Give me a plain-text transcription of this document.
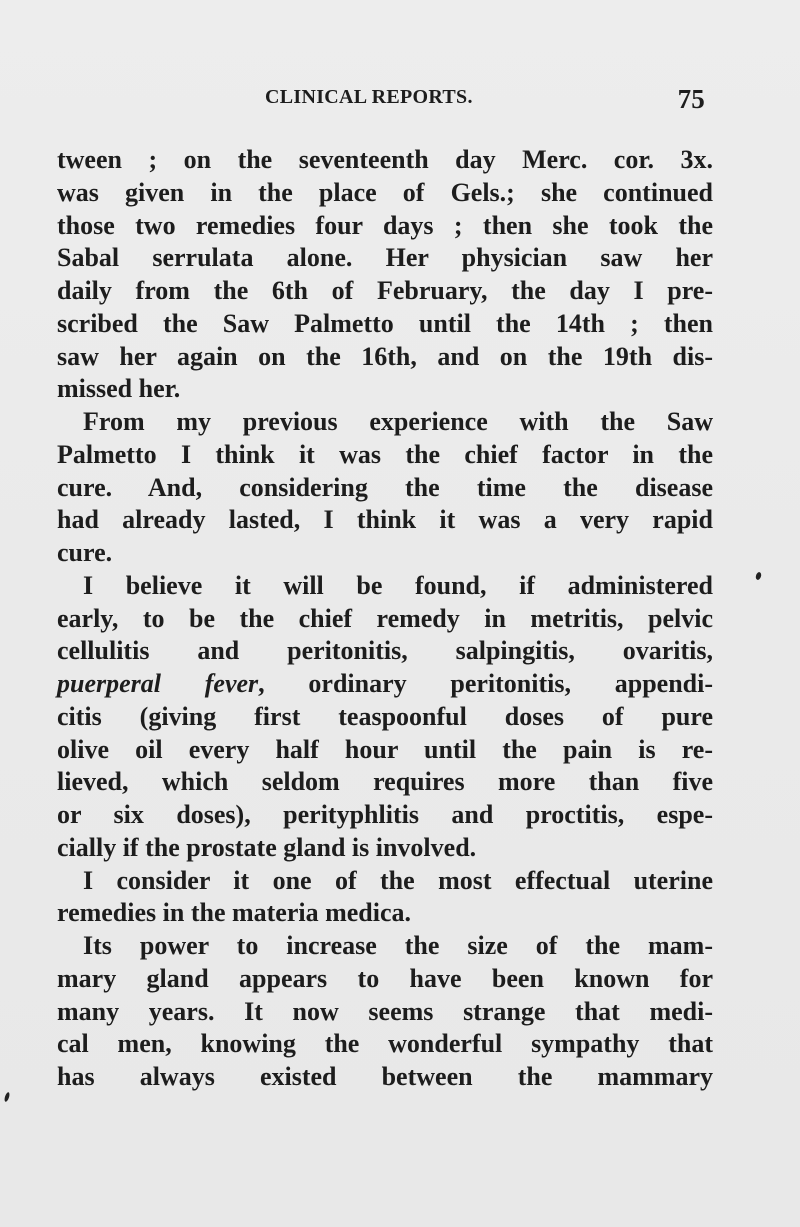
CLINICAL REPORTS.	75
tween ; on the seventeenth day Merc. cor. 3x.
was given in the place of Gels.; she continued
those two remedies four days ; then she took the
Sabal serrulata alone. Her physician saw her
daily from the 6th of February, the day I pre-
scribed the Saw Palmetto until the 14th ; then
saw her again on the 16th, and on the 19th dis-
missed her.
From my previous experience with the Saw
Palmetto I think it was the chief factor in the
cure. And, considering the time the disease
had already lasted, I think it was a very rapid
cure.
I believe it will be found, if administered
early, to be the chief remedy in metritis, pelvic
cellulitis and peritonitis, salpingitis, ovaritis,
puerperal fever, ordinary peritonitis, appendi-
citis (giving first teaspoonful doses of pure
olive oil every half hour until the pain is re-
lieved, which seldom requires more than five
or six doses), perityphlitis and proctitis, espe-
cially if the prostate gland is involved.
I consider it one of the most effectual uterine
remedies in the materia medica.
Its power to increase the size of the mam-
mary gland appears to have been known for
many years. It now seems strange that medi-
cal men, knowing the wonderful sympathy that
has always existed between the mammary
